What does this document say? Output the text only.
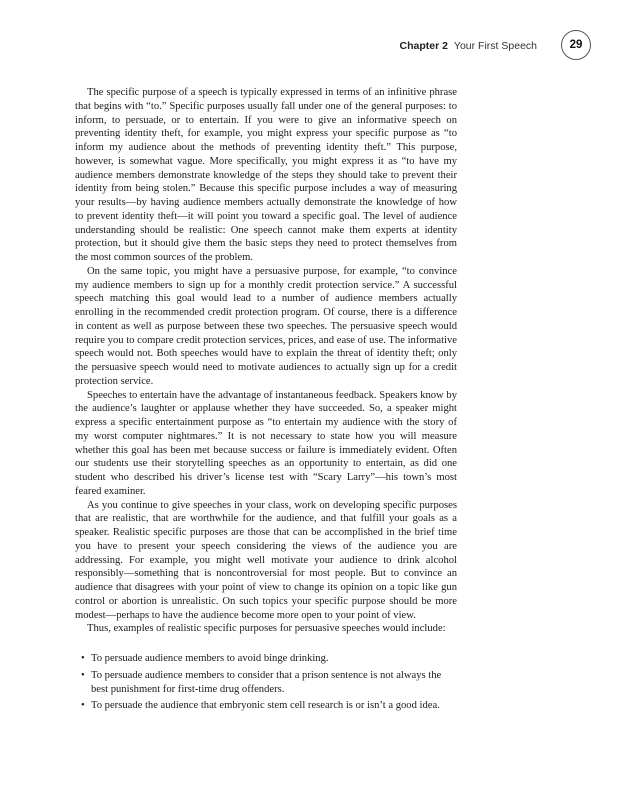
Chapter 2 Your First Speech	29

The specific purpose of a speech is typically expressed in terms of an infinitive phrase that begins with “to.” Specific purposes usually fall under one of the general purposes: to inform, to persuade, or to entertain. If you were to give an informative speech on preventing identity theft, for example, you might express your specific purpose as “to inform my audience about the methods of preventing identity theft.” This purpose, however, is somewhat vague. More specifically, you might express it as “to have my audience members demonstrate knowledge of the steps they should take to prevent their identity from being stolen.” Because this specific purpose includes a way of measuring your results—by having audience members actually demonstrate the knowledge of how to prevent identity theft—it will point you toward a specific goal. The level of audience understanding should be realistic: One speech cannot make them experts at identity protection, but it should give them the basic steps they need to protect themselves from the most common sources of the problem.

On the same topic, you might have a persuasive purpose, for example, “to convince my audience members to sign up for a monthly credit protection service.” A successful speech matching this goal would lead to a number of audience members actually enrolling in the recommended credit protection program. Of course, there is a difference in content as well as purpose between these two speeches. The persuasive speech would require you to compare credit protection services, prices, and ease of use. The informative speech would not. Both speeches would have to explain the threat of identity theft; only the persuasive speech would need to motivate audiences to actually sign up for a credit protection service.

Speeches to entertain have the advantage of instantaneous feedback. Speakers know by the audience’s laughter or applause whether they have succeeded. So, a speaker might express a specific entertainment purpose as “to entertain my audience with the story of my worst computer nightmares.” It is not necessary to state how you will measure whether this goal has been met because success or failure is immediately evident. Often our students use their storytelling speeches as an opportunity to entertain, as did one student who described his driver’s license test with “Scary Larry”—his town’s most feared examiner.

As you continue to give speeches in your class, work on developing specific purposes that are realistic, that are worthwhile for the audience, and that fulfill your goals as a speaker. Realistic specific purposes are those that can be accomplished in the brief time you have to present your speech considering the views of the audience you are addressing. For example, you might well motivate your audience to drink alcohol responsibly—something that is noncontroversial for most people. But to convince an audience that disagrees with your point of view to change its opinion on a topic like gun control or abortion is unrealistic. On such topics your specific purpose should be more modest—perhaps to have the audience become more open to your point of view.

Thus, examples of realistic specific purposes for persuasive speeches would include:

• To persuade audience members to avoid binge drinking.
• To persuade audience members to consider that a prison sentence is not always the best punishment for first-time drug offenders.
• To persuade the audience that embryonic stem cell research is or isn’t a good idea.
